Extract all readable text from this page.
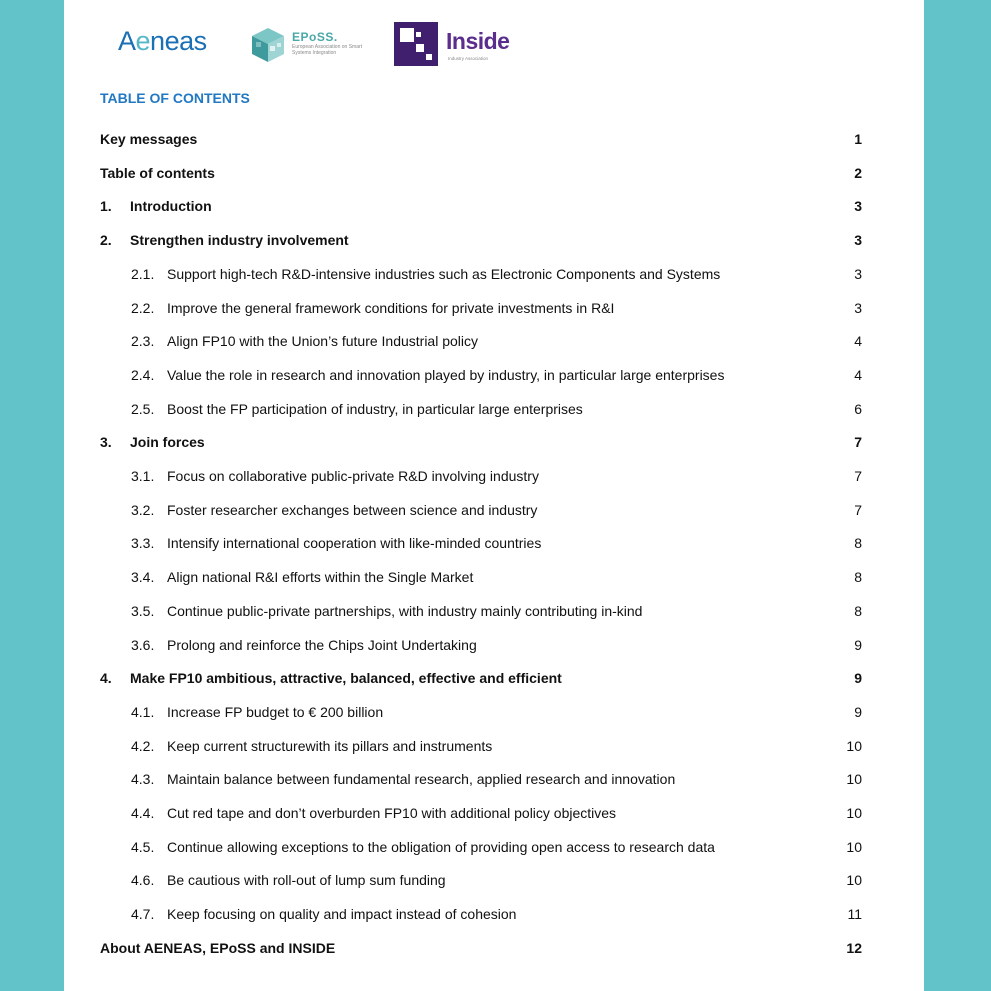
Aeneas	EPoSS.
European Association on Smart Systems Integration	Inside
Industry Association
TABLE OF CONTENTS
Key messages	1
Table of contents	2
1.	Introduction	3
2.	Strengthen industry involvement	3
2.1. Support high-tech R&D-intensive industries such as Electronic Components and Systems	3
2.2. Improve the general framework conditions for private investments in R&I	3
2.3. Align FP10 with the Union’s future Industrial policy	4
2.4. Value the role in research and innovation played by industry, in particular large enterprises	4
2.5. Boost the FP participation of industry, in particular large enterprises	6
3.	Join forces	7
3.1. Focus on collaborative public-private R&D involving industry	7
3.2. Foster researcher exchanges between science and industry	7
3.3. Intensify international cooperation with like-minded countries	8
3.4. Align national R&I efforts within the Single Market	8
3.5. Continue public-private partnerships, with industry mainly contributing in-kind	8
3.6. Prolong and reinforce the Chips Joint Undertaking	9
4.	Make FP10 ambitious, attractive, balanced, effective and efficient	9
4.1. Increase FP budget to € 200 billion	9
4.2. Keep current structurewith its pillars and instruments	10
4.3. Maintain balance between fundamental research, applied research and innovation	10
4.4. Cut red tape and don’t overburden FP10 with additional policy objectives	10
4.5. Continue allowing exceptions to the obligation of providing open access to research data	10
4.6. Be cautious with roll-out of lump sum funding	10
4.7. Keep focusing on quality and impact instead of cohesion	11
About AENEAS, EPoSS and INSIDE	12
